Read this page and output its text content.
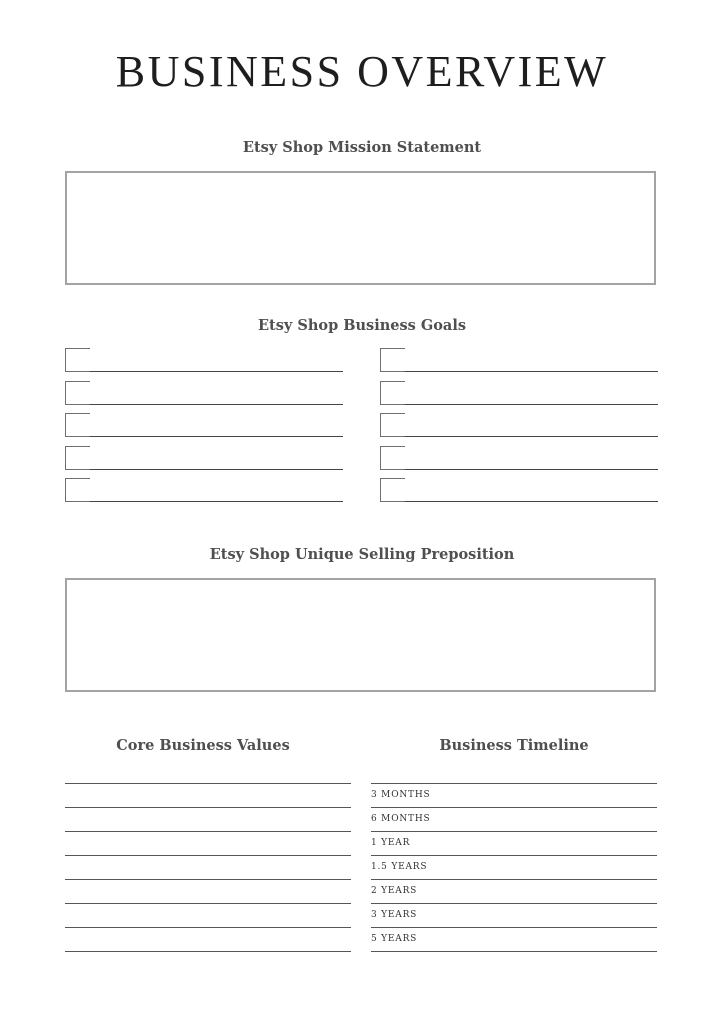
BUSINESS OVERVIEW
Etsy Shop Mission Statement
Etsy Shop Business Goals
Etsy Shop Unique Selling Preposition
Core Business Values	Business Timeline
3 MONTHS
6 MONTHS
1 YEAR
1.5 YEARS
2 YEARS
3 YEARS
5 YEARS
